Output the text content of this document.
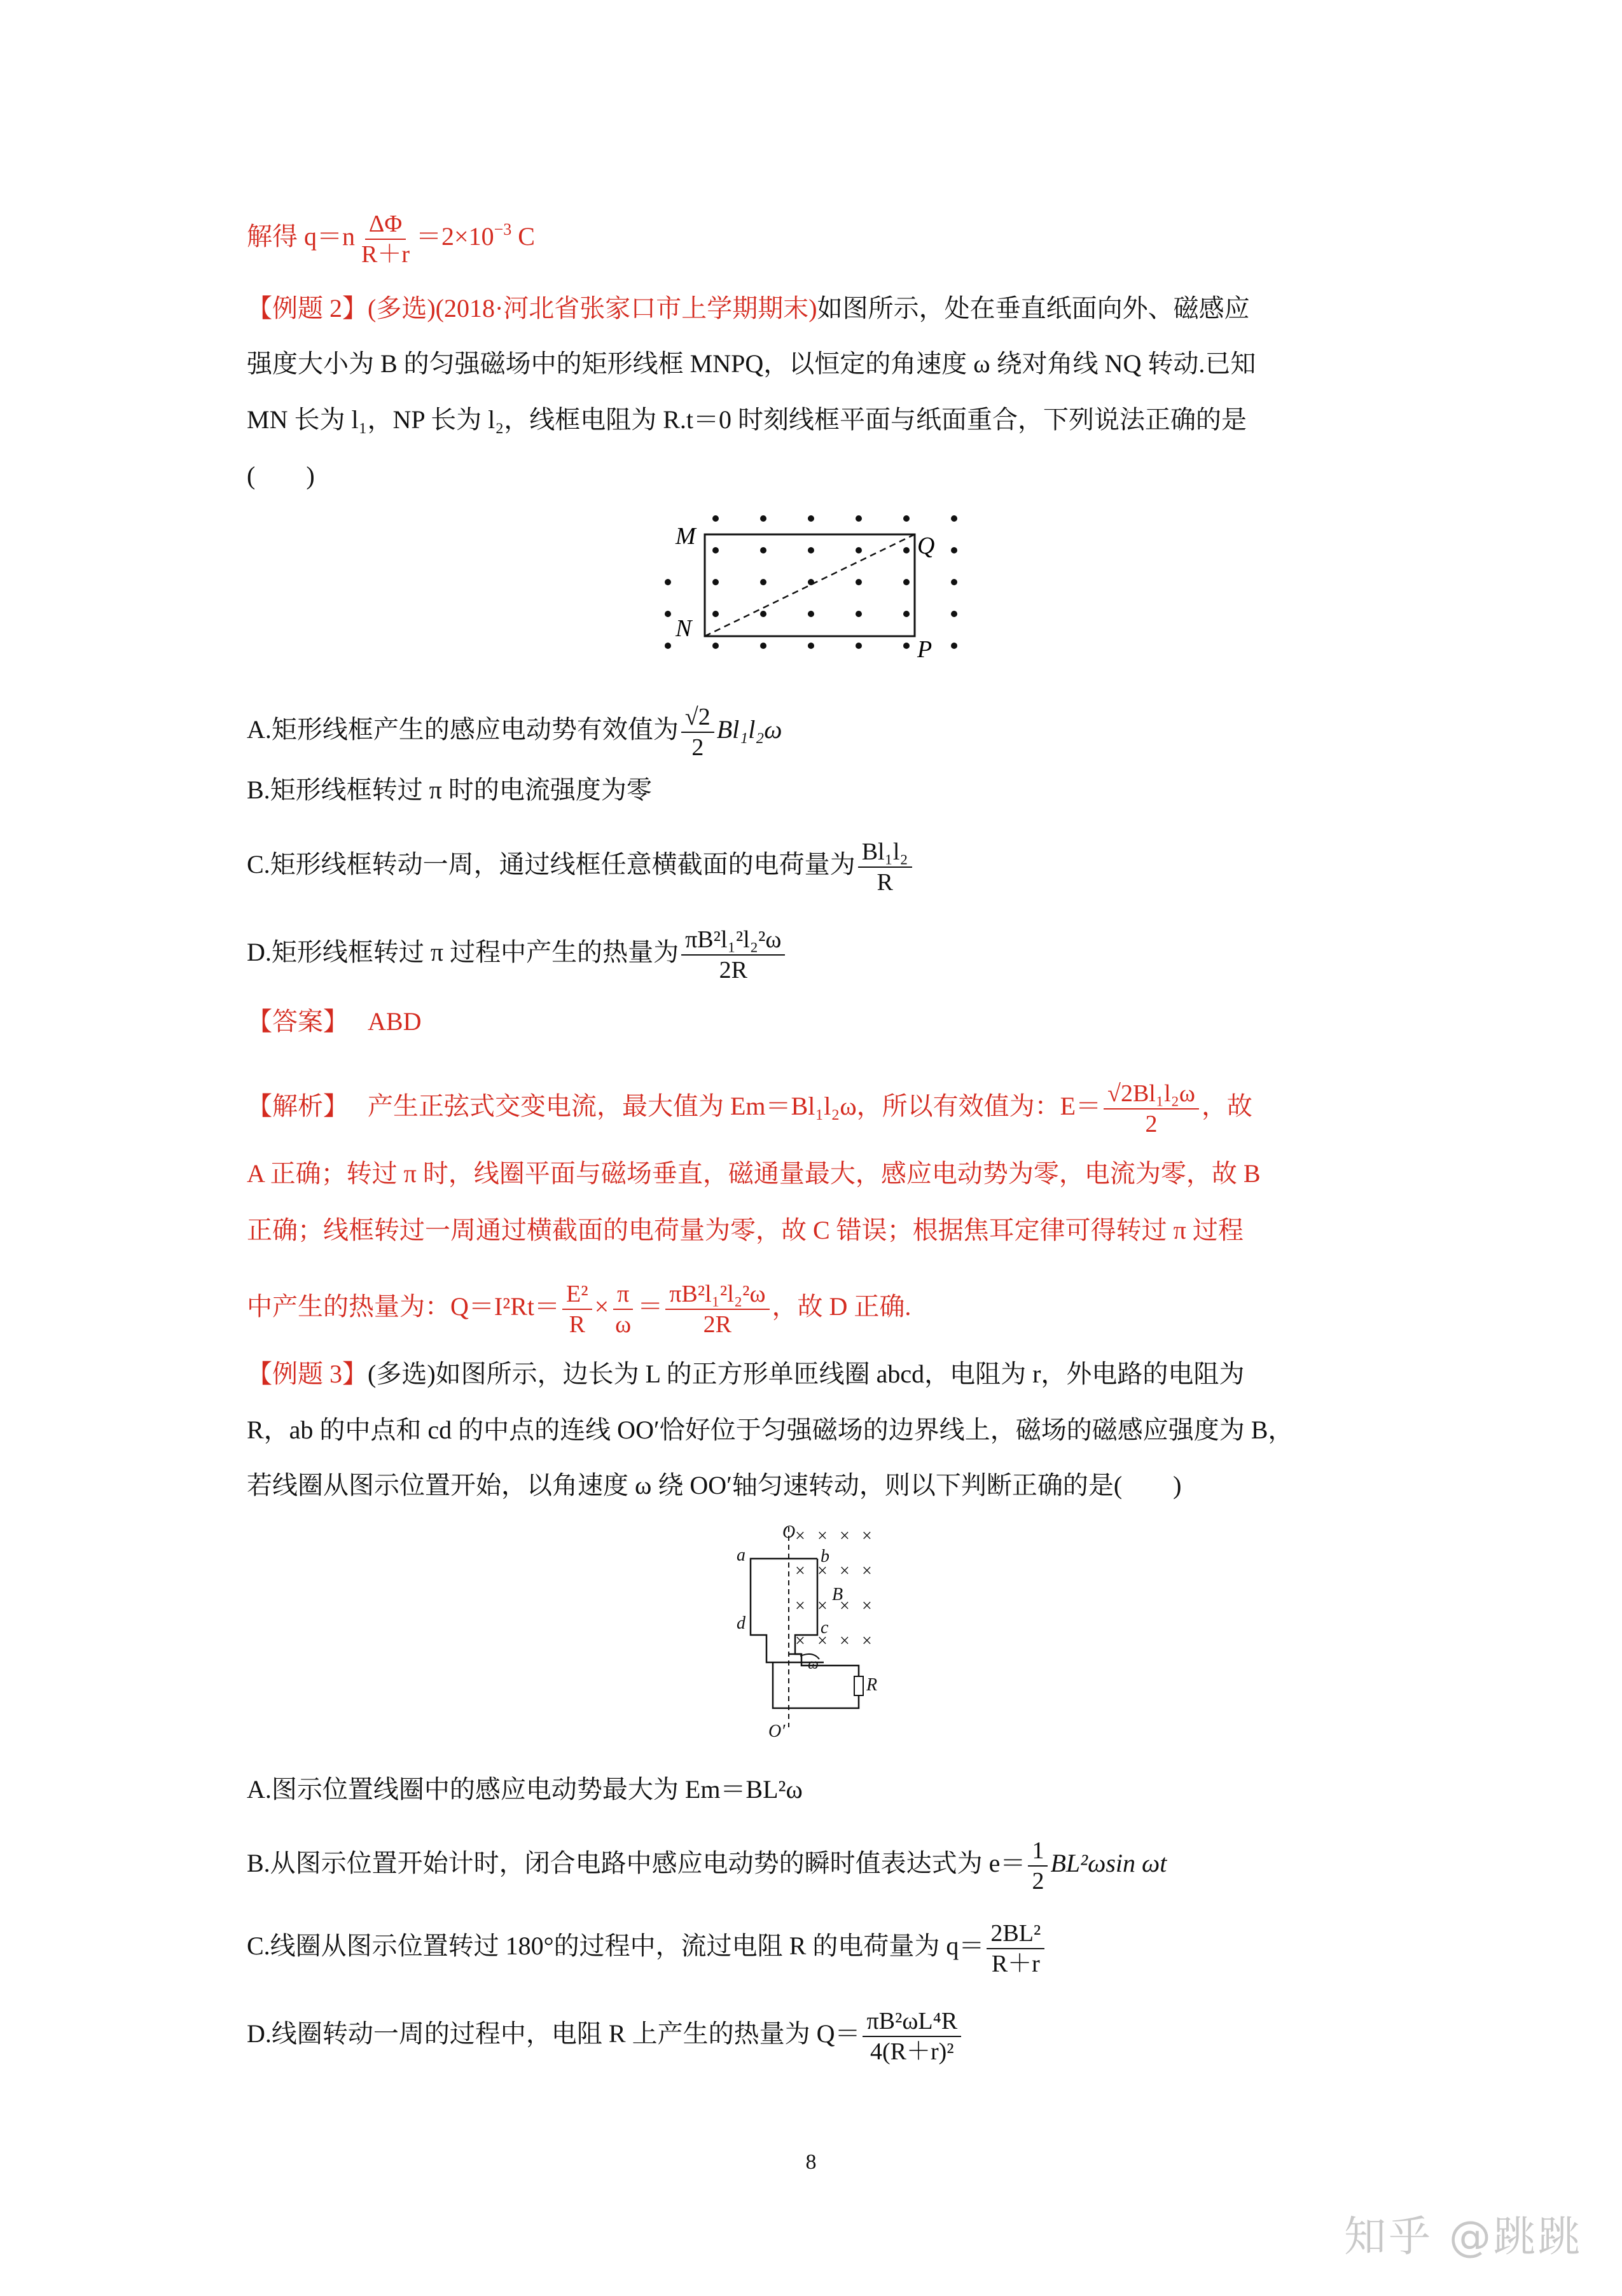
解得 $q=n \frac{\Delta\Phi}{R+r} =2\times 10^{-3}$ C
【例题 2】(多选)(2018·河北省张家口市上学期期末)如图所示，处在垂直纸面向外、磁感应
强度大小为 B 的匀强磁场中的矩形线框 MNPQ，以恒定的角速度 ω 绕对角线 NQ 转动.已知
MN 长为 l₁，NP 长为 l₂，线框电阻为 R.t＝0 时刻线框平面与纸面重合，下列说法正确的是
(　　)
M
N
P
Q
A.矩形线框产生的感应电动势有效值为 $\frac{√2}{2} Bl_1l_2\omega$
B.矩形线框转过 π 时的电流强度为零
C.矩形线框转动一周，通过线框任意横截面的电荷量为 $\frac{\text{Bl₁l₂}}{R}$
D.矩形线框转过 π 过程中产生的热量为 $\frac{\text{πB²l₁²l₂²ω}}{2R}$
【答案】 ABD
【解析】 产生正弦式交变电流，最大值为 Em＝Bl₁l₂ω，所以有效值为：$E= \frac{\text{√2Bl₁l₂ω}}{2}$ ，故
A 正确；转过 π 时，线圈平面与磁场垂直，磁通量最大，感应电动势为零，电流为零，故 B
正确；线框转过一周通过横截面的电荷量为零，故 C 错误；根据焦耳定律可得转过 π 过程
中产生的热量为：$Q=I^2Rt= \frac{\text{E²}}{R} \times \frac{\pi}{\omega} = \frac{\text{πB²l₁²l₂²ω}}{2R}$ ，故 D 正确.
【例题 3】(多选)如图所示，边长为 L 的正方形单匝线圈 abcd，电阻为 r，外电路的电阻为
R，ab 的中点和 cd 的中点的连线 OO′恰好位于匀强磁场的边界线上，磁场的磁感应强度为 B，
若线圈从图示位置开始，以角速度 ω 绕 OO′轴匀速转动，则以下判断正确的是(　　)
× × × ×
× × × ×
× × × ×
× × × ×
O
a	b
c
d
B
ω
R
O′
A.图示位置线圈中的感应电动势最大为 Em＝BL²ω
B.从图示位置开始计时，闭合电路中感应电动势的瞬时值表达式为 $e= \frac{1}{2} BL^2\omega\sin$ ωt
C.线圈从图示位置转过 180°的过程中，流过电阻 R 的电荷量为 $q= \frac{\text{2BL²}}{R+r}$
D.线圈转动一周的过程中，电阻 R 上产生的热量为 $Q= \frac{\text{πB²ωL⁴R}}{\text{4(R＋r)²}}$
8
知乎 @跳跳
